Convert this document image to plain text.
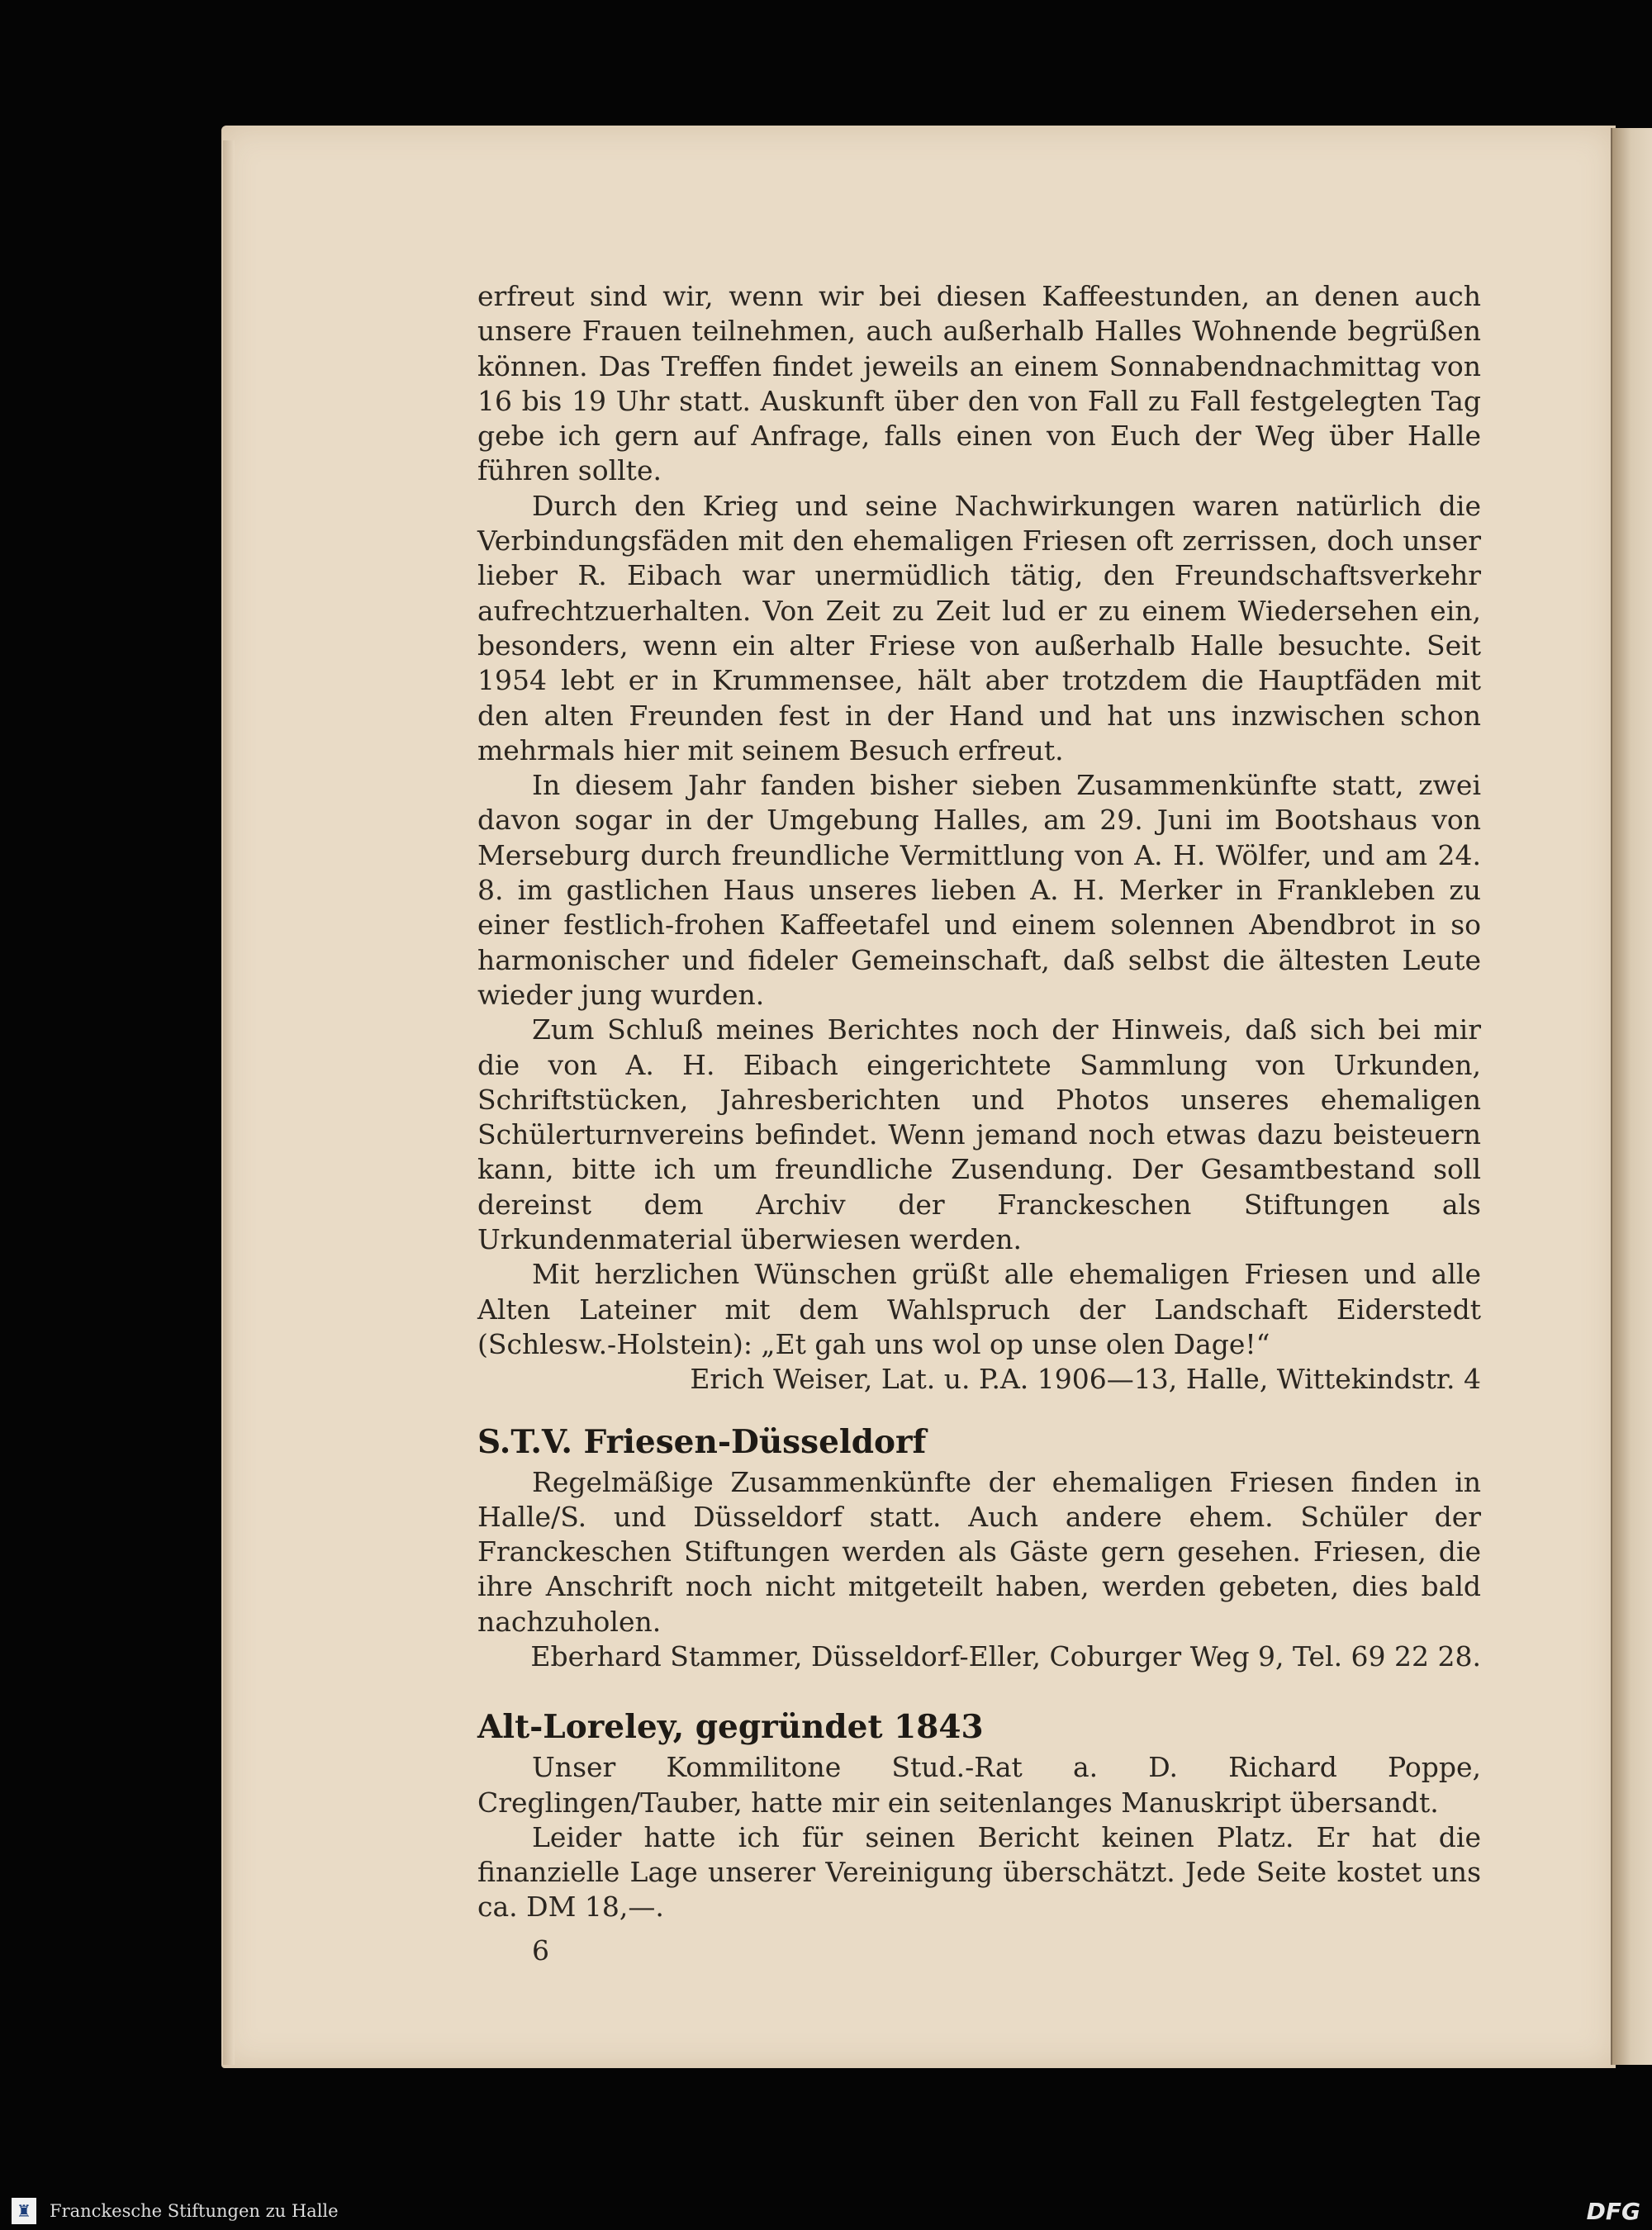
erfreut sind wir, wenn wir bei diesen Kaffeestunden, an denen auch unsere Frauen teilnehmen, auch außerhalb Halles Wohnende begrüßen können. Das Treffen findet jeweils an einem Sonnabendnachmittag von 16 bis 19 Uhr statt. Auskunft über den von Fall zu Fall festgelegten Tag gebe ich gern auf Anfrage, falls einen von Euch der Weg über Halle führen sollte.

Durch den Krieg und seine Nachwirkungen waren natürlich die Verbindungsfäden mit den ehemaligen Friesen oft zerrissen, doch unser lieber R. Eibach war unermüdlich tätig, den Freundschaftsverkehr aufrechtzuerhalten. Von Zeit zu Zeit lud er zu einem Wiedersehen ein, besonders, wenn ein alter Friese von außerhalb Halle besuchte. Seit 1954 lebt er in Krummensee, hält aber trotzdem die Hauptfäden mit den alten Freunden fest in der Hand und hat uns inzwischen schon mehrmals hier mit seinem Besuch erfreut.

In diesem Jahr fanden bisher sieben Zusammenkünfte statt, zwei davon sogar in der Umgebung Halles, am 29. Juni im Bootshaus von Merseburg durch freundliche Vermittlung von A. H. Wölfer, und am 24. 8. im gastlichen Haus unseres lieben A. H. Merker in Frankleben zu einer festlich-frohen Kaffeetafel und einem solennen Abendbrot in so harmonischer und fideler Gemeinschaft, daß selbst die ältesten Leute wieder jung wurden.

Zum Schluß meines Berichtes noch der Hinweis, daß sich bei mir die von A. H. Eibach eingerichtete Sammlung von Urkunden, Schriftstücken, Jahresberichten und Photos unseres ehemaligen Schülerturnvereins befindet. Wenn jemand noch etwas dazu beisteuern kann, bitte ich um freundliche Zusendung. Der Gesamtbestand soll dereinst dem Archiv der Franckeschen Stiftungen als Urkundenmaterial überwiesen werden.

Mit herzlichen Wünschen grüßt alle ehemaligen Friesen und alle Alten Lateiner mit dem Wahlspruch der Landschaft Eiderstedt (Schlesw.-Holstein): „Et gah uns wol op unse olen Dage!“

Erich Weiser, Lat. u. P.A. 1906—13, Halle, Wittekindstr. 4

S.T.V. Friesen-Düsseldorf

Regelmäßige Zusammenkünfte der ehemaligen Friesen finden in Halle/S. und Düsseldorf statt. Auch andere ehem. Schüler der Franckeschen Stiftungen werden als Gäste gern gesehen. Friesen, die ihre Anschrift noch nicht mitgeteilt haben, werden gebeten, dies bald nachzuholen.

Eberhard Stammer, Düsseldorf-Eller, Coburger Weg 9, Tel. 69 22 28.

Alt-Loreley, gegründet 1843

Unser Kommilitone Stud.-Rat a. D. Richard Poppe, Creglingen/Tauber, hatte mir ein seitenlanges Manuskript übersandt.

Leider hatte ich für seinen Bericht keinen Platz. Er hat die finanzielle Lage unserer Vereinigung überschätzt. Jede Seite kostet uns ca. DM 18,—.

6
♜ Franckesche Stiftungen zu Halle	DFG
